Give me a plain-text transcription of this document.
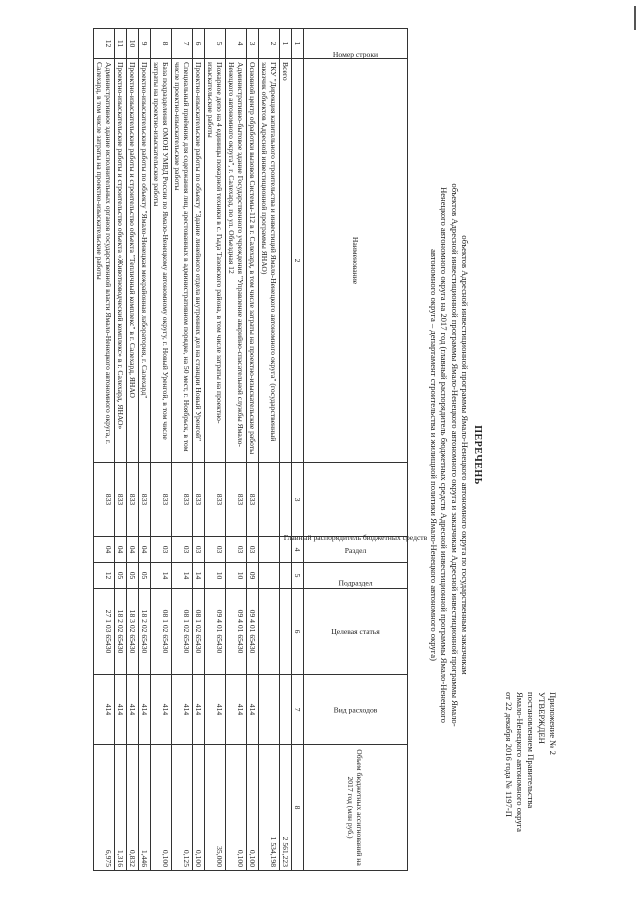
Приложение № 2
УТВЕРЖДЕН
постановлением Правительства
Ямало-Ненецкого автономного округа
от 22 декабря 2016 года № 1197-П
ПЕРЕЧЕНЬ
объектов Адресной инвестиционной программы Ямало-Ненецкого автономного округа по государственным заказчикам
объектов Адресной инвестиционной программы Ямало-Ненецкого автономного округа и заказчикам Адресной инвестиционной программы Ямало-
Ненецкого автономного округа на 2017 год (главный распорядитель бюджетных средств Адресной инвестиционной программы Ямало-Ненецкого
автономного округа – департамент строительства и жилищной политики Ямало-Ненецкого автономного округа)
Номер строки	Наименование	Главный распорядитель бюджетных средств	Раздел	Подраздел	Целевая статья	Вид расходов	Объем бюджетных ассигнований на 2017 год (млн руб.)
1	2	3	4	5	6	7	8
1	Всего						2 561,223
2	ГКУ "Дирекция капитального строительства и инвестиций Ямало-Ненецкого автономного округа" (государственный заказчик объектов Адресной инвестиционной программы ЯНАО)						1 534,198
3	Основной центр обработки вызовов Системы-112 в г. Салехард, в том числе затраты на проектно-изыскательские работы	833	03	09	09 4 01 65430	414	0,100
4	Административно-бытовое здание Государственного учреждения "Управление аварийно-спасательной службы Ямало-Ненецкого автономного округа", г. Салехард, по ул. Объездная 12	833	03	10	09 4 01 65430	414	0,100
5	Пожарное депо на 4 единицы пожарной техники в с. Гыда Тазовского района, в том числе затраты на проектно-изыскательские работы	833	03	10	09 4 01 65430	414	35,000
6	Проектно-изыскательские работы по объекту "Здание линейного отдела внутренних дел на станции Новый Уренгой"	833	03	14	08 1 02 65430	414	0,100
7	Специальный приёмник для содержания лиц, арестованных в административном порядке, на 50 мест, г. Ноябрьск, в том числе проектно-изыскательские работы	833	03	14	08 1 02 65430	414	0,125
8	База подразделения ОМОН УМВД России по Ямало-Ненецкому автономному округу, г. Новый Уренгой, в том числе затраты на проектно-изыскательские работы	833	03	14	08 1 02 65430	414	0,100
9	Проектно-изыскательские работы по объекту "Ямало-Ненецкая межрайонная лаборатория, г. Салехард"	833	04	05	18 2 02 65430	414	1,446
10	Проектно-изыскательские работы и строительство объекта "Тепличный комплекс" в г. Салехард, ЯНАО	833	04	05	18 3 02 65430	414	0,832
11	Проектно-изыскательские работы и строительство объекта «Животноводческий комплекс» в г. Салехард, ЯНАО»	833	04	05	18 2 02 65430	414	1,316
12	Административное здание исполнительных органов государственной власти Ямало-Ненецкого автономного округа, г. Салехард, в том числе затраты на проектно-изыскательские работы	833	04	12	27 1 03 65430	414	6,975
